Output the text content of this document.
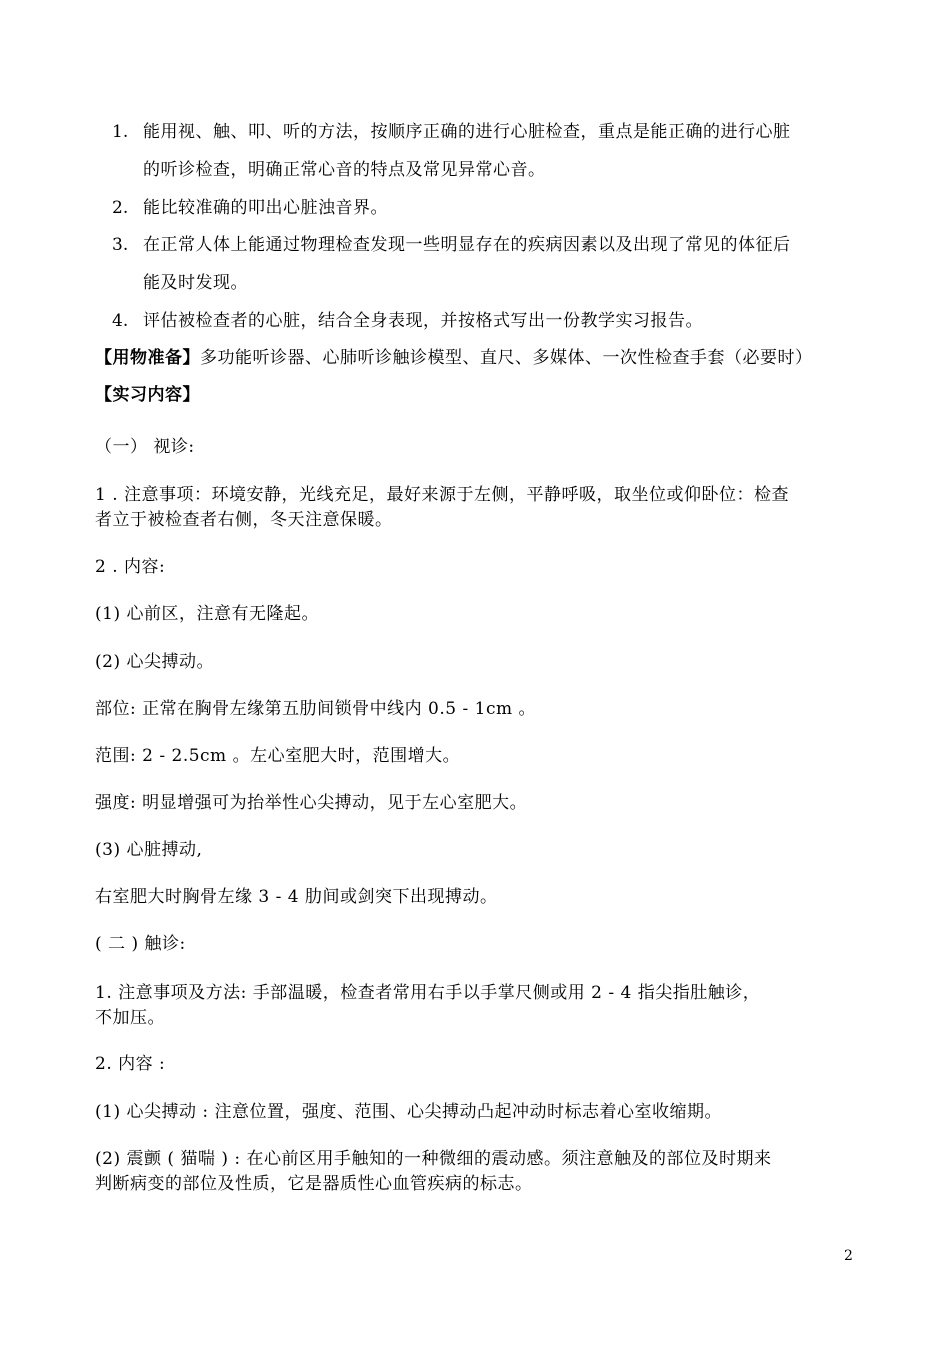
1. 能用视、触、叩、听的方法，按顺序正确的进行心脏检查，重点是能正确的进行心脏
的听诊检查，明确正常心音的特点及常见异常心音。
2. 能比较准确的叩出心脏浊音界。
3. 在正常人体上能通过物理检查发现一些明显存在的疾病因素以及出现了常见的体征后
能及时发现。
4. 评估被检查者的心脏，结合全身表现，并按格式写出一份教学实习报告。
【用物准备】多功能听诊器、心肺听诊触诊模型、直尺、多媒体、一次性检查手套（必要时）
【实习内容】
（一） 视诊:
1 . 注意事项：环境安静，光线充足，最好来源于左侧，平静呼吸，取坐位或仰卧位：检查
者立于被检查者右侧，冬天注意保暖。
2 . 内容:
(1) 心前区，注意有无隆起。
(2) 心尖搏动。
部位: 正常在胸骨左缘第五肋间锁骨中线内 0.5 - 1cm 。
范围: 2 - 2.5cm 。左心室肥大时，范围增大。
强度: 明显增强可为抬举性心尖搏动，见于左心室肥大。
(3) 心脏搏动,
右室肥大时胸骨左缘 3 - 4 肋间或剑突下出现搏动。
( 二 ) 触诊:
1. 注意事项及方法: 手部温暖，检查者常用右手以手掌尺侧或用 2 - 4 指尖指肚触诊，
不加压。
2. 内容 :
(1) 心尖搏动 : 注意位置，强度、范围、心尖搏动凸起冲动时标志着心室收缩期。
(2) 震颤 ( 猫喘 ) : 在心前区用手触知的一种微细的震动感。须注意触及的部位及时期来
判断病变的部位及性质，它是器质性心血管疾病的标志。
2
